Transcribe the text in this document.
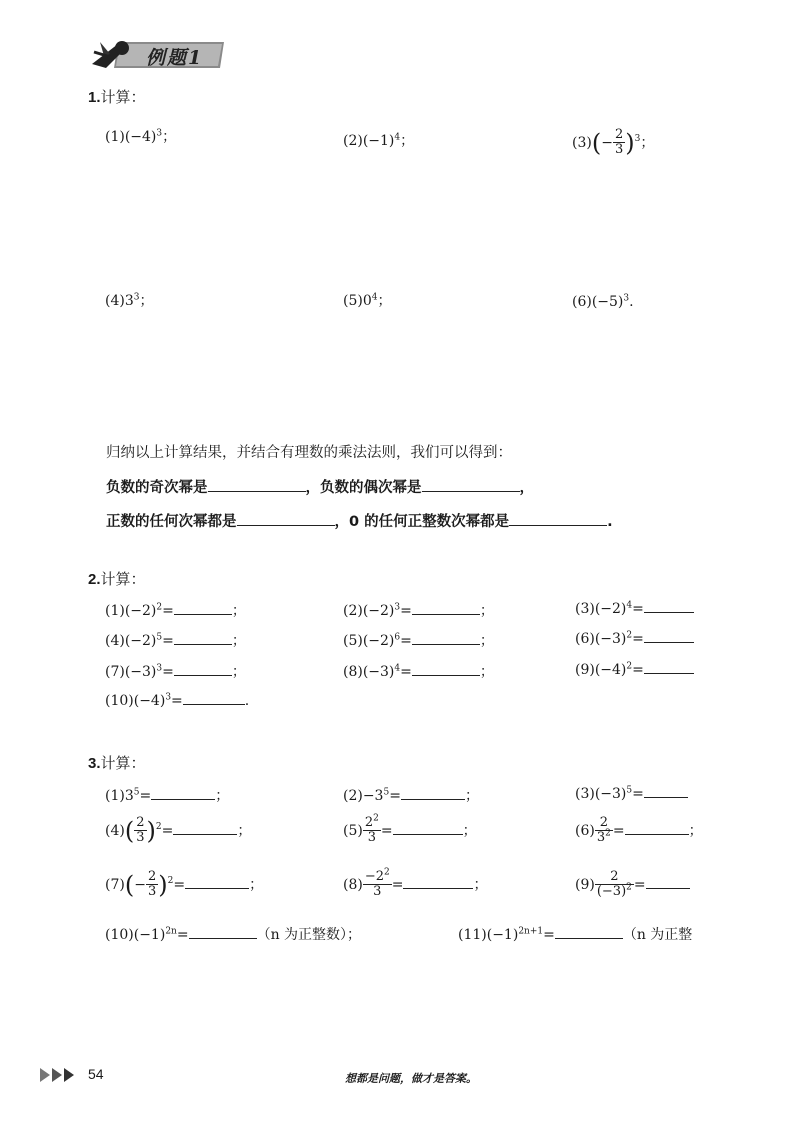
例题1
1.计算：
$(1)(-4)^3$；	$(2)(-1)^4$；	$(3)(- \frac{2}{3} )^3$；
$(4)3^3$；	$(5)0^4$；	$(6)(-5)^3$.
归纳以上计算结果，并结合有理数的乘法法则，我们可以得到：
负数的奇次幂是	，负数的偶次幂是	，
正数的任何次幂都是	，0 的任何正整数次幂都是	.
2.计算：
$(1)(-2)^2=$	；	$(2)(-2)^3=$	；	$(3)(-2)^4=$
$(4)(-2)^5=$	；	$(5)(-2)^6=$	；	$(6)(-3)^2=$
$(7)(-3)^3=$	；	$(8)(-3)^4=$	；	$(9)(-4)^2=$
$(10)(-4)^3=$	.
3.计算：
$(1)3^5=$	；	$(2)-3^5=$	；	$(3)(-3)^5=$
$(4)( \frac{2}{3} )^2=$	；	$(5) \frac{2^2}{3}$ =	；	$(6) \frac{2}{3^2}$ =	；
$(7)(- \frac{2}{3} )^2=$	；	$(8) \frac{-2^2}{3}$ =	；	$(9) \frac{2}{(-3)^2}$ =
$(10)(-1)^{2n}=$	（n 为正整数）；	$(11)(-1)^{2n+1}=$	（n 为正整
54	想都是问题，做才是答案。
